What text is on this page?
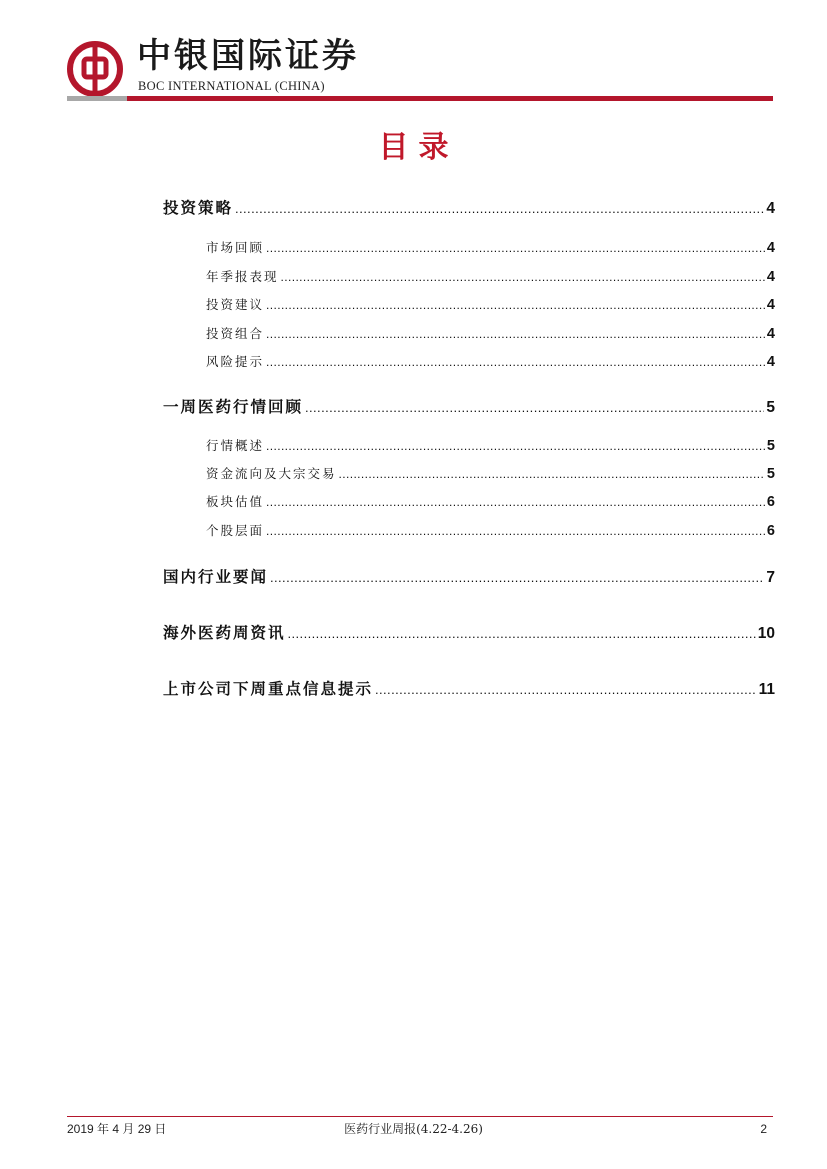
中银国际证券
BOC INTERNATIONAL (CHINA)
目录
投资策略 .....	4
市场回顾 .....	4
年季报表现 .....	4
投资建议 .....	4
投资组合 .....	4
风险提示 .....	4
一周医药行情回顾 .....	5
行情概述 .....	5
资金流向及大宗交易 .....	5
板块估值 .....	6
个股层面 .....	6
国内行业要闻 .....	7
海外医药周资讯 .....	10
上市公司下周重点信息提示 .....	11
2019 年 4 月 29 日	医药行业周报(4.22-4.26)	2
